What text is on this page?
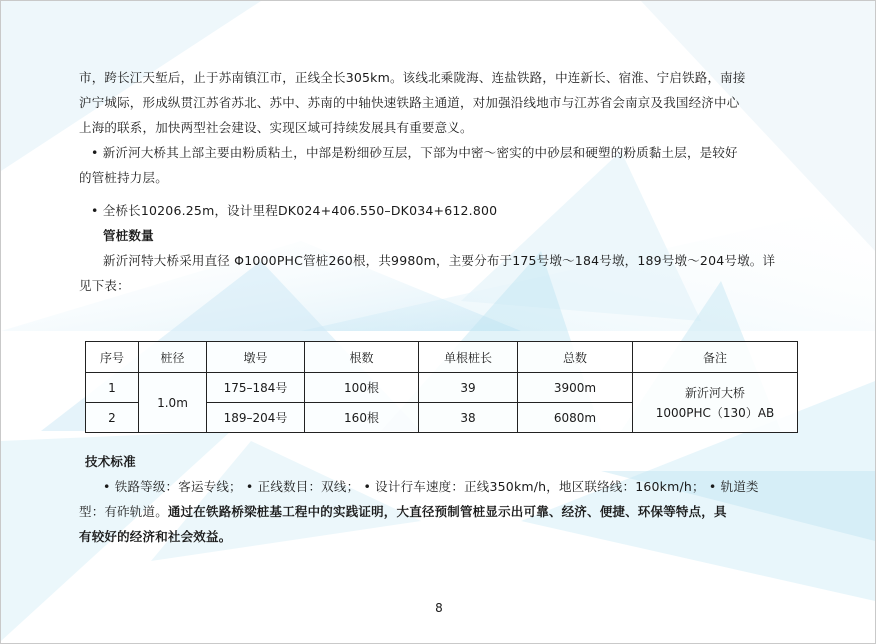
市，跨长江天堑后，止于苏南镇江市，正线全长305km。该线北乘陇海、连盐铁路，中连新长、宿淮、宁启铁路，南接

沪宁城际，形成纵贯江苏省苏北、苏中、苏南的中轴快速铁路主通道，对加强沿线地市与江苏省会南京及我国经济中心

上海的联系，加快两型社会建设、实现区域可持续发展具有重要意义。

• 新沂河大桥其上部主要由粉质粘土，中部是粉细砂互层，下部为中密～密实的中砂层和硬塑的粉质黏土层，是较好

的管桩持力层。

• 全桥长10206.25m，设计里程DK024+406.550–DK034+612.800

管桩数量

新沂河特大桥采用直径 Φ1000PHC管桩260根，共9980m，主要分布于175号墩～184号墩，189号墩～204号墩。详

见下表：

序号	桩径	墩号	根数	单根桩长	总数	备注
1	1.0m	175–184号	100根	39	3900m	新沂河大桥
1000PHC（130）AB

2		189–204号	160根	38	6080m	

技术标准

• 铁路等级：客运专线； • 正线数目：双线； • 设计行车速度：正线350km/h，地区联络线：160km/h； • 轨道类

型：有砟轨道。通过在铁路桥梁桩基工程中的实践证明，大直径预制管桩显示出可靠、经济、便捷、环保等特点，具

有较好的经济和社会效益。

8
